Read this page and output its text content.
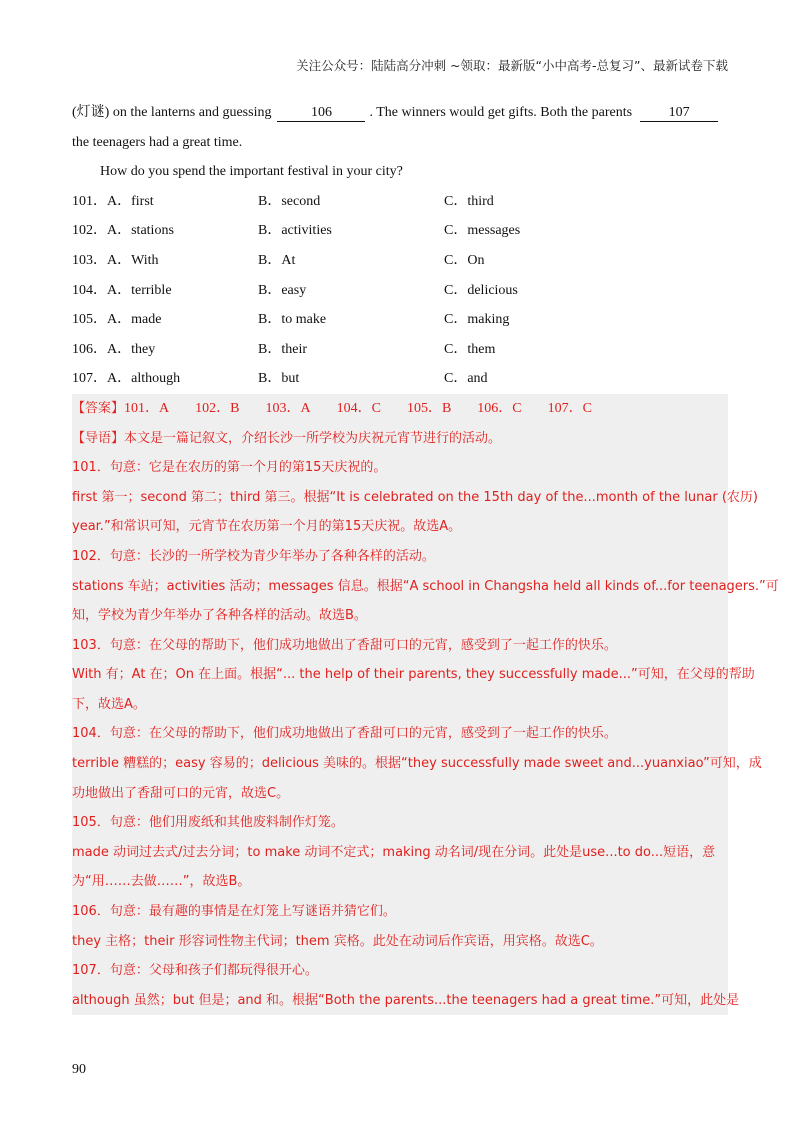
关注公众号：陆陆高分冲刺 ~领取：最新版“小中高考-总复习”、最新试卷下载
(灯谜) on the lanterns and guessing	106	. The winners would get gifts. Both the parents	107
the teenagers had a great time.
How do you spend the important festival in your city?
101．A．first	B．second	C．third
102．A．stations	B．activities	C．messages
103．A．With	B．At	C．On
104．A．terrible	B．easy	C．delicious
105．A．made	B．to make	C．making
106．A．they	B．their	C．them
107．A．although	B．but	C．and
【答案】101．A 102．B 103．A 104．C 105．B 106．C 107．C
【导语】本文是一篇记叙文，介绍长沙一所学校为庆祝元宵节进行的活动。
101．句意：它是在农历的第一个月的第15天庆祝的。
first 第一；second 第二；third 第三。根据“It is celebrated on the 15th day of the...month of the lunar (农历)
year.”和常识可知，元宵节在农历第一个月的第15天庆祝。故选A。
102．句意：长沙的一所学校为青少年举办了各种各样的活动。
stations 车站；activities 活动；messages 信息。根据“A school in Changsha held all kinds of...for teenagers.”可
知，学校为青少年举办了各种各样的活动。故选B。
103．句意：在父母的帮助下，他们成功地做出了香甜可口的元宵，感受到了一起工作的快乐。
With 有；At 在；On 在上面。根据“... the help of their parents, they successfully made...”可知，在父母的帮助
下，故选A。
104．句意：在父母的帮助下，他们成功地做出了香甜可口的元宵，感受到了一起工作的快乐。
terrible 糟糕的；easy 容易的；delicious 美味的。根据“they successfully made sweet and...yuanxiao”可知，成
功地做出了香甜可口的元宵，故选C。
105．句意：他们用废纸和其他废料制作灯笼。
made 动词过去式/过去分词；to make 动词不定式；making 动名词/现在分词。此处是use...to do...短语，意
为“用……去做……”，故选B。
106．句意：最有趣的事情是在灯笼上写谜语并猜它们。
they 主格；their 形容词性物主代词；them 宾格。此处在动词后作宾语，用宾格。故选C。
107．句意：父母和孩子们都玩得很开心。
although 虽然；but 但是；and 和。根据“Both the parents...the teenagers had a great time.”可知，此处是
90
